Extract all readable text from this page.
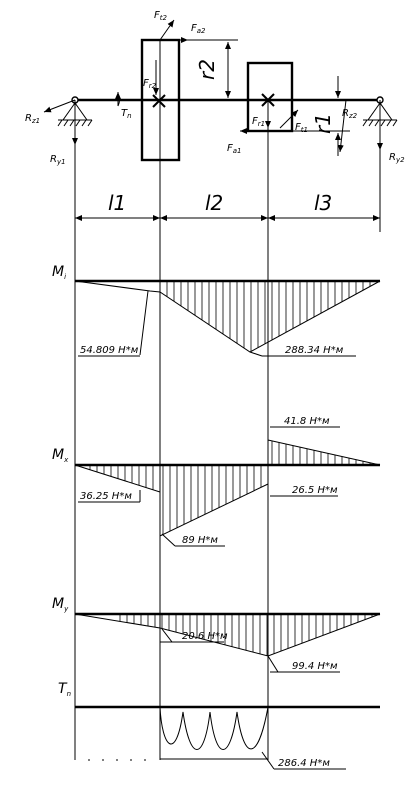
$R_{z1}$
$R_{y1}$
$T_n$
$F_{t2}$
$F_{a2}$
$F_{r2}$
$F_{r1}$	$F_{t1}$
$F_{a1}$
$R_{z2}$
$R_{y2}$
r2
r1
l1	l2	l3
$M_i$
54.809 Н*м	288.34 Н*м
$M_x$
41.8 Н*м
36.25 Н*м
26.5 Н*м
89 Н*м
$M_y$
20.6 Н*м
99.4 Н*м
$T_n$
286.4 Н*м
